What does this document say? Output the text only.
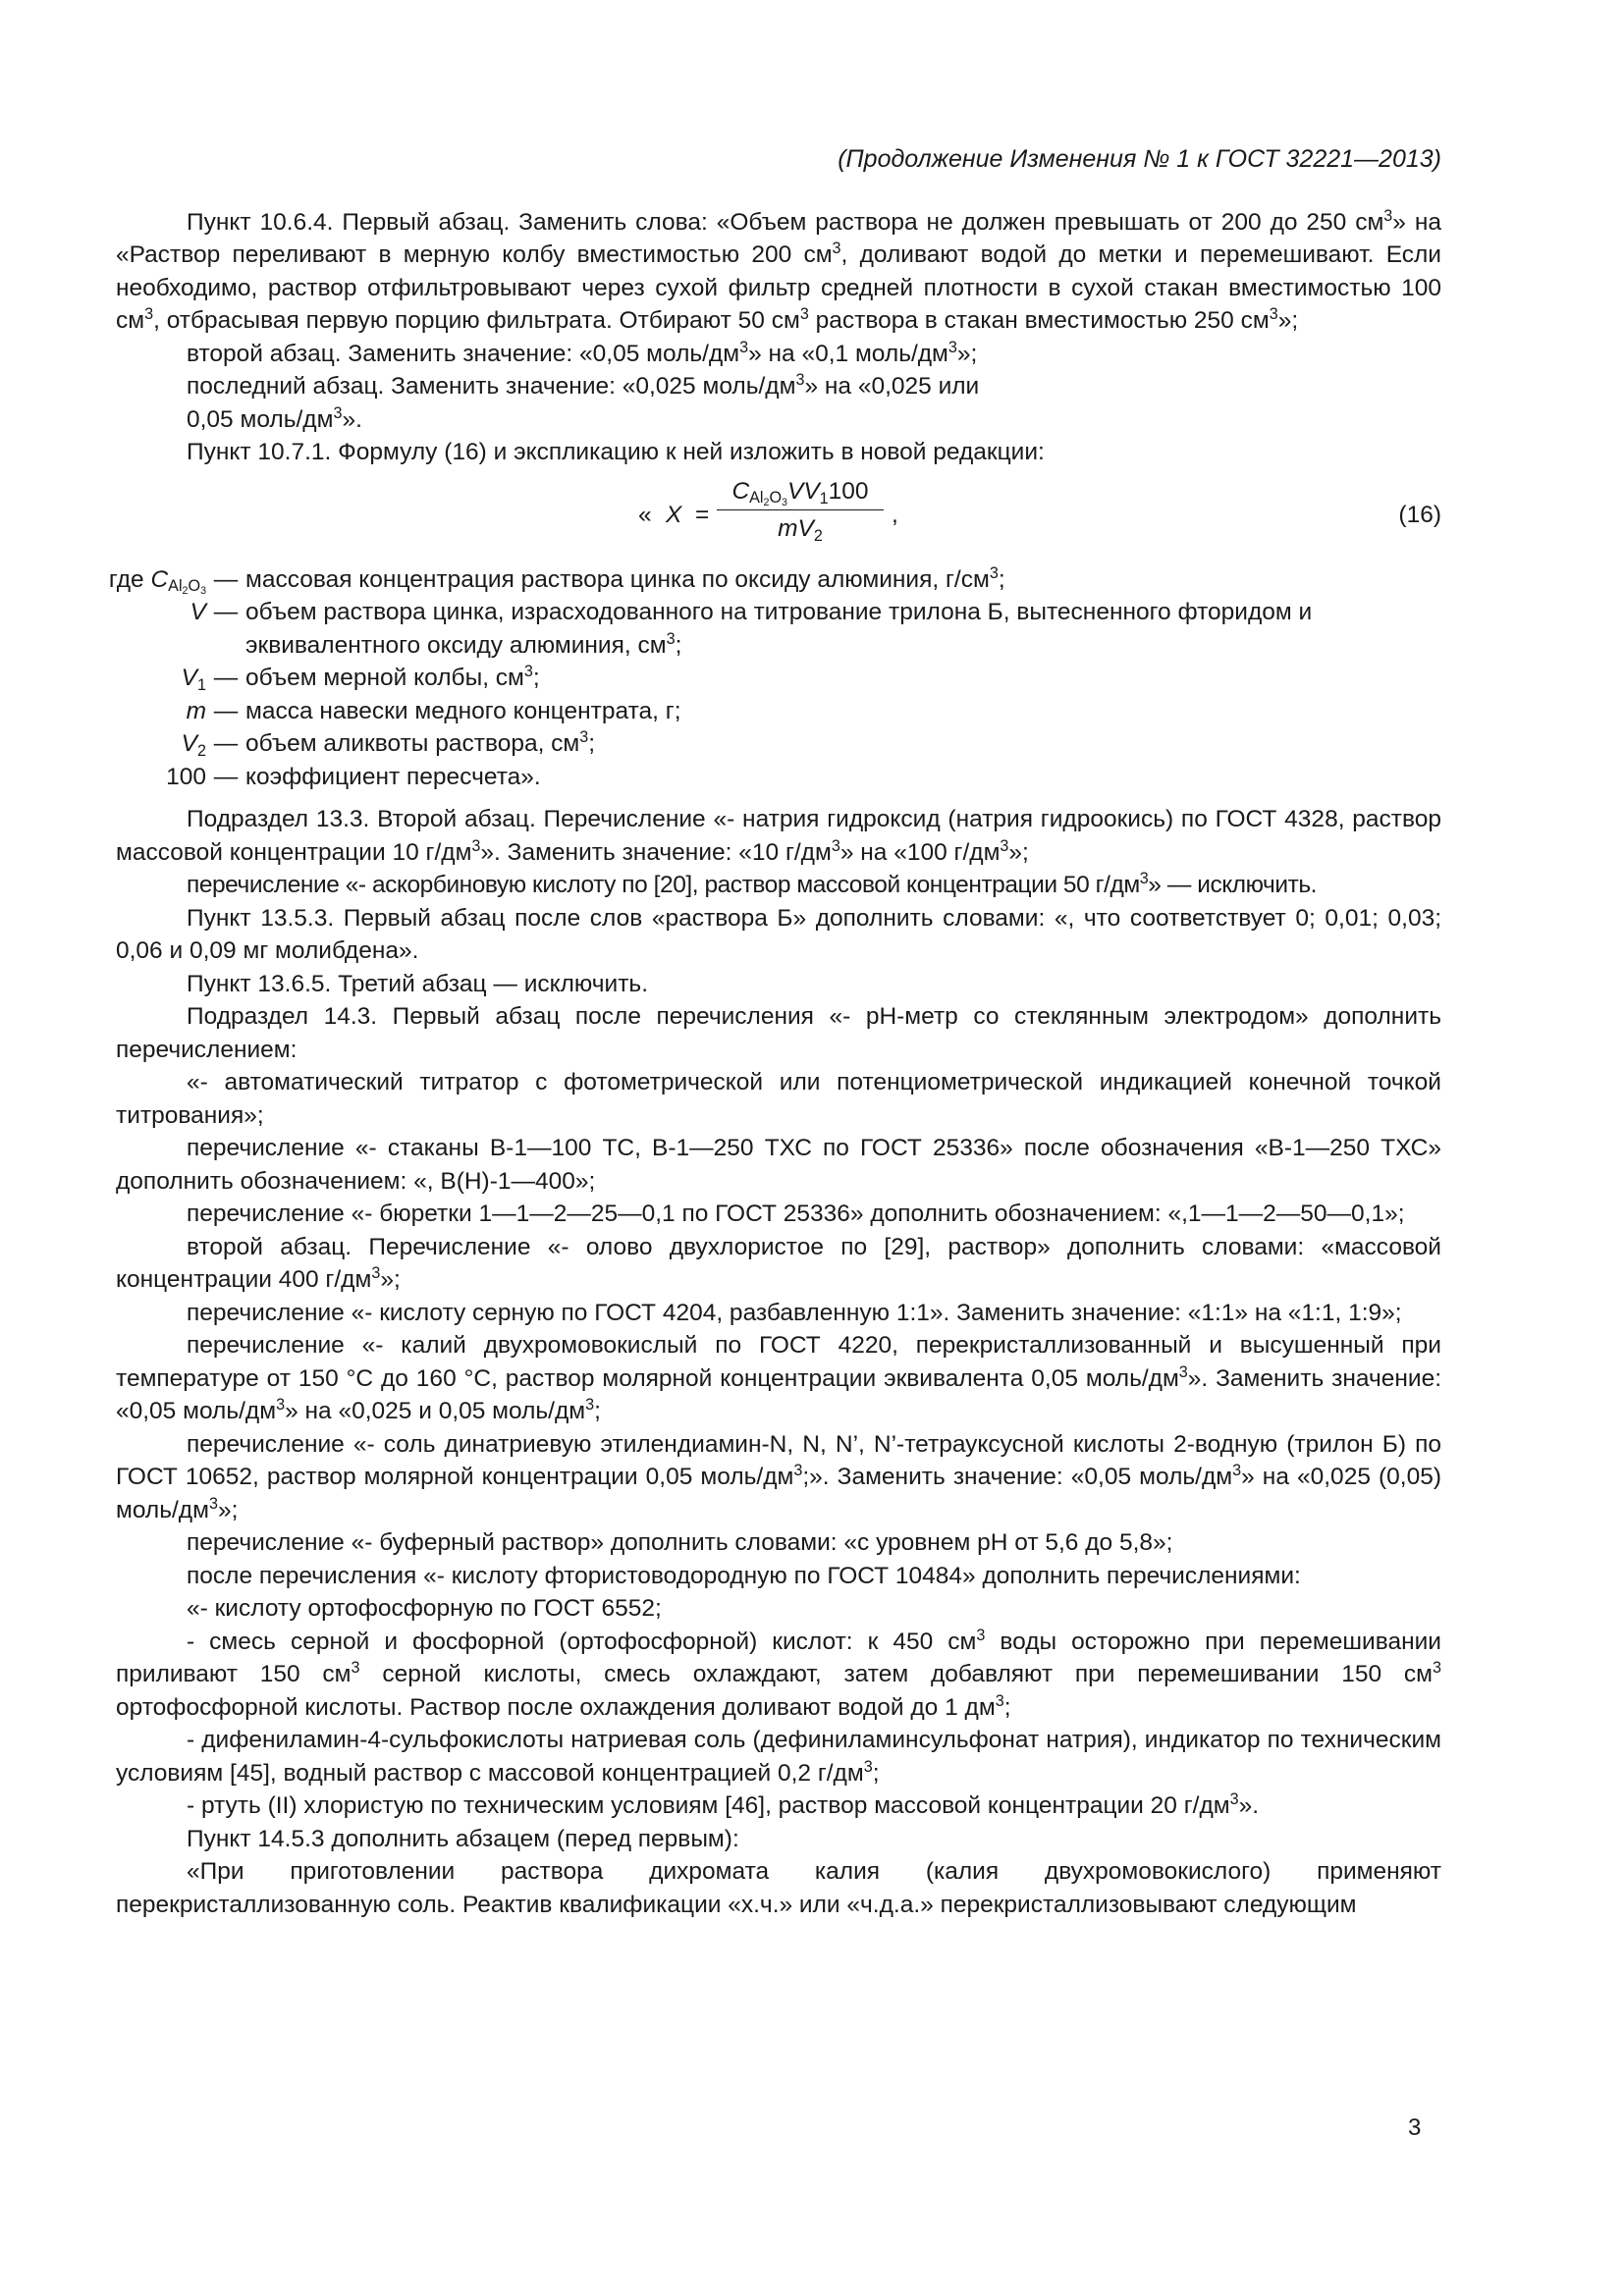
(Продолжение Изменения № 1 к ГОСТ 32221—2013)

Пункт 10.6.4. Первый абзац. Заменить слова: «Объем раствора не должен превышать от 200 до 250 $см^3$» на «Раствор переливают в мерную колбу вместимостью 200 $см^3$, доливают водой до метки и перемешивают. Если необходимо, раствор отфильтровывают через сухой фильтр средней плотности в сухой стакан вместимостью 100 $см^3$, отбрасывая первую порцию фильтрата. Отбирают 50 $см^3$ раствора в стакан вместимостью 250 $см^3$»;

второй абзац. Заменить значение: «0,05 моль/$дм^3$» на «0,1 моль/$дм^3$»;

последний абзац. Заменить значение: «0,025 моль/$дм^3$» на «0,025 или

0,05 моль/$дм^3$».

Пункт 10.7.1. Формулу (16) и экспликацию к ней изложить в новой редакции:

« X =
$C_{Al_2O_3}VV_1100$
$mV_2$
,	(16)
где $C_{Al_2O_3}$ — массовая концентрация раствора цинка по оксиду алюминия, $г/см^3$;
V — объем раствора цинка, израсходованного на титрование трилона Б, вытесненного фторидом и эквивалентного оксиду алюминия, $см^3$;
$V_1$ — объем мерной колбы, $см^3$;
m — масса навески медного концентрата, г;
$V_2$ — объем аликвоты раствора, $см^3$;
100 — коэффициент пересчета».

Подраздел 13.3. Второй абзац. Перечисление «- натрия гидроксид (натрия гидроокись) по ГОСТ 4328, раствор массовой концентрации 10 $г/дм^3$». Заменить значение: «10 $г/дм^3$» на «100 $г/дм^3$»;

перечисление «- аскорбиновую кислоту по [20], раствор массовой концентрации 50 $г/дм^3$» — исключить.

Пункт 13.5.3. Первый абзац после слов «раствора Б» дополнить словами: «, что соответствует 0; 0,01; 0,03; 0,06 и 0,09 мг молибдена».

Пункт 13.6.5. Третий абзац — исключить.

Подраздел 14.3. Первый абзац после перечисления «- pH-метр со стеклянным электродом» дополнить перечислением:

«- автоматический титратор с фотометрической или потенциометрической индикацией конечной точкой титрования»;

перечисление «- стаканы В-1—100 ТС, В-1—250 ТХС по ГОСТ 25336» после обозначения «В-1—250 ТХС» дополнить обозначением: «, В(Н)-1—400»;

перечисление «- бюретки 1—1—2—25—0,1 по ГОСТ 25336» дополнить обозначением: «,1—1—2—50—0,1»;

второй абзац. Перечисление «- олово двухлористое по [29], раствор» дополнить словами: «массовой концентрации 400 $г/дм^3$»;

перечисление «- кислоту серную по ГОСТ 4204, разбавленную 1:1». Заменить значение: «1:1» на «1:1, 1:9»;

перечисление «- калий двухромовокислый по ГОСТ 4220, перекристаллизованный и высушенный при температуре от 150 °С до 160 °С, раствор молярной концентрации эквивалента 0,05 моль/$дм^3$». Заменить значение: «0,05 моль/$дм^3$» на «0,025 и 0,05 моль/$дм^3$;

перечисление «- соль динатриевую этилендиамин-N, N, N’, N’-тетрауксусной кислоты 2-водную (трилон Б) по ГОСТ 10652, раствор молярной концентрации 0,05 моль/$дм^3$;». Заменить значение: «0,05 моль/$дм^3$» на «0,025 (0,05) моль/$дм^3$»;

перечисление «- буферный раствор» дополнить словами: «с уровнем pH от 5,6 до 5,8»;

после перечисления «- кислоту фтористоводородную по ГОСТ 10484» дополнить перечислениями:

«- кислоту ортофосфорную по ГОСТ 6552;

- смесь серной и фосфорной (ортофосфорной) кислот: к 450 $см^3$ воды осторожно при перемешивании приливают 150 $см^3$ серной кислоты, смесь охлаждают, затем добавляют при перемешивании 150 $см^3$ ортофосфорной кислоты. Раствор после охлаждения доливают водой до 1 $дм^3$;

- дифениламин-4-сульфокислоты натриевая соль (дефиниламинсульфонат натрия), индикатор по техническим условиям [45], водный раствор с массовой концентрацией 0,2 $г/дм^3$;

- ртуть (II) хлористую по техническим условиям [46], раствор массовой концентрации 20 $г/дм^3$».

Пункт 14.5.3 дополнить абзацем (перед первым):

«При приготовлении раствора дихромата калия (калия двухромовокислого) применяют перекристаллизованную соль. Реактив квалификации «х.ч.» или «ч.д.а.» перекристаллизовывают следующим

3
